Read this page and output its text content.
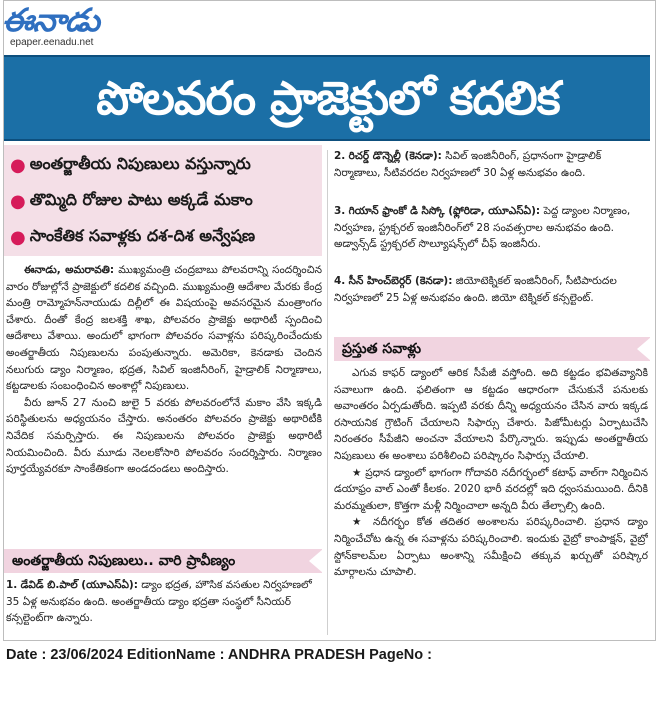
ఈనాడు
epaper.eenadu.net
పోలవరం ప్రాజెక్టులో కదలిక
● అంతర్జాతీయ నిపుణులు వస్తున్నారు
● తొమ్మిది రోజుల పాటు అక్కడే మకాం
● సాంకేతిక సవాళ్లకు దశ-దిశ అన్వేషణ

ఈనాడు, అమరావతి: ముఖ్యమంత్రి చంద్రబాబు పోలవరాన్ని సందర్శించిన వారం రోజుల్లోనే ప్రాజెక్టులో కదలిక వచ్చింది. ముఖ్యమంత్రి ఆదేశాల మేరకు కేంద్ర మంత్రి రామ్మోహన్‌నాయుడు దిల్లీలో ఈ విషయంపై అవసరమైన మంత్రాంగం చేశారు. దీంతో కేంద్ర జలశక్తి శాఖ, పోలవరం ప్రాజెక్టు అథారిటీ స్పందించి ఆదేశాలు వేశాయి. అందులో భాగంగా పోలవరం సవాళ్లను పరిష్కరించేందుకు అంతర్జాతీయ నిపుణులను పంపుతున్నారు. అమెరికా, కెనడాకు చెందిన నలుగురు డ్యాం నిర్మాణం, భద్రత, సివిల్ ఇంజినీరింగ్, హైడ్రాలిక్ నిర్మాణాలు, కట్టడాలకు సంబంధించిన అంశాల్లో నిపుణులు.

వీరు జూన్ 27 నుంచి జులై 5 వరకు పోలవరంలోనే మకాం వేసి ఇక్కడి పరిస్థితులను అధ్యయనం చేస్తారు. అనంతరం పోలవరం ప్రాజెక్టు అథారిటీకి నివేదిక సమర్పిస్తారు. ఈ నిపుణులను పోలవరం ప్రాజెక్టు అథారిటీ నియమించింది. వీరు మూడు నెలలకోసారి పోలవరం సందర్శిస్తారు. నిర్మాణం పూర్తయ్యేవరకూ సాంకేతికంగా అండదండలు అందిస్తారు.

అంతర్జాతీయ నిపుణులు.. వారి ప్రావీణ్యం
1. డేవిడ్ బి.పాల్ (యూఎస్ఏ): డ్యాం భద్రత, హౌసిక వసతుల నిర్వహణలో 35 ఏళ్ల అనుభవం ఉంది. అంతర్జాతీయ డ్యాం భద్రతా సంస్థలో సీనియర్ కన్సల్టెంట్‌గా ఉన్నారు.
2. రిచర్డ్ డొన్నెల్లీ (కెనడా): సివిల్ ఇంజినీరింగ్, ప్రధానంగా హైడ్రాలిక్ నిర్మాణాలు, సీటివరదల నిర్వహణలో 30 ఏళ్ల అనుభవం ఉంది.
3. గియాన్ ఫ్రాంకో డి సిస్కో (ఫ్లోరిడా, యూఎస్ఏ): పెద్ద డ్యాంల నిర్మాణం, నిర్వహణ, స్ట్రక్చరల్ ఇంజినీరింగ్‌లో 28 సంవత్సరాల అనుభవం ఉంది. అడ్వాన్స్‌డ్ స్ట్రక్చరల్ సొల్యూషన్స్‌లో చీఫ్ ఇంజినీరు.
4. సీన్ హించ్‌బెర్గర్ (కెనడా): జియోటెక్నికల్ ఇంజినీరింగ్, సీటిపారుదల నిర్వహణలో 25 ఏళ్ల అనుభవం ఉంది. జియో టెక్నికల్ కన్సల్టెంట్.
ప్రస్తుత సవాళ్లు

ఎగువ కాఫర్ డ్యాంలో ఆరిక సీపేజీ వస్తోంది. అది కట్టడం భవితవ్యానికి సవాలుగా ఉంది. ఫలితంగా ఆ కట్టడం ఆధారంగా చేసుకునే పనులకు అవాంతరం ఏర్పడుతోంది. ఇప్పటి వరకు దీన్ని అధ్యయనం చేసిన వారు ఇక్కడ రసాయనిక గ్రౌటింగ్ చేయాలని సిఫార్సు చేశారు. పిజోమీటర్లు ఏర్పాటుచేసి నిరంతరం సీపేజీని అంచనా వేయాలని పేర్కొన్నారు. ఇప్పుడు అంతర్జాతీయ నిపుణులు ఈ అంశాలు పరిశీలించి పరిష్కారం సిఫార్సు చేయాలి.

★ ప్రధాన డ్యాంలో భాగంగా గోదావరి నదీగర్భంలో కటాఫ్ వాల్‌గా నిర్మించిన డయాఫ్రం వాల్ ఎంతో కీలకం. 2020 భారీ వరదల్లో ఇది ధ్వంసమయింది. దీనికి మరమ్మతులా, కొత్తగా మళ్లీ నిర్మించాలా అన్నది వీరు తేల్చాల్సి ఉంది.

★ నదీగర్భం కోత తదితర అంశాలను పరిష్కరించాలి. ప్రధాన డ్యాం నిర్మించేచోట ఉన్న ఈ సవాళ్లను పరిష్కరించాలి. ఇందుకు వైబ్రో కాంపాక్షన్, వైబ్రో స్టోన్‌కాలమ్‌ల ఏర్పాటు అంశాన్ని సమీక్షించి తక్కువ ఖర్చుతో పరిష్కార మార్గాలను చూపాలి.

Date : 23/06/2024 EditionName : ANDHRA PRADESH PageNo :
